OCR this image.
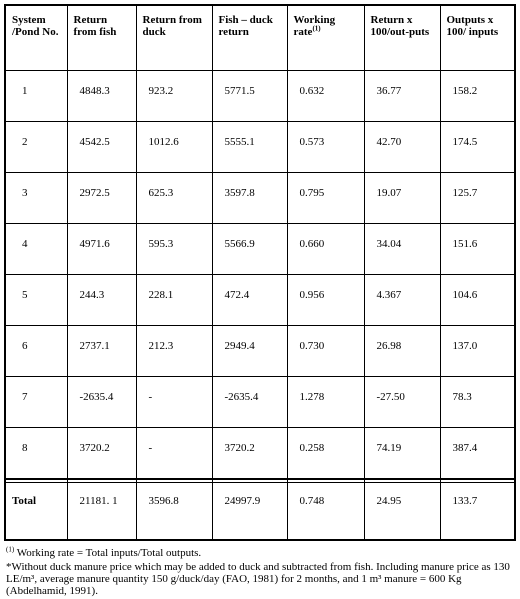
System /Pond No.	Return from fish	Return from duck	Fish – duck return	Working rate$^{(1)}$	Return x 100/out-puts	Outputs x 100/ inputs
1	4848.3	923.2	5771.5	0.632	36.77	158.2
2	4542.5	1012.6	5555.1	0.573	42.70	174.5
3	2972.5	625.3	3597.8	0.795	19.07	125.7
4	4971.6	595.3	5566.9	0.660	34.04	151.6
5	244.3	228.1	472.4	0.956	4.367	104.6
6	2737.1	212.3	2949.4	0.730	26.98	137.0
7	-2635.4	-	-2635.4	1.278	-27.50	78.3
8	3720.2	-	3720.2	0.258	74.19	387.4

Total	21181. 1	3596.8	24997.9	0.748	24.95	133.7

$^{(1)}$ Working rate = Total inputs/Total outputs.

*Without duck manure price which may be added to duck and subtracted from fish. Including manure price as 130 LE/m³, average manure quantity 150 g/duck/day (FAO, 1981) for 2 months, and 1 m³ manure = 600 Kg (Abdelhamid, 1991).
